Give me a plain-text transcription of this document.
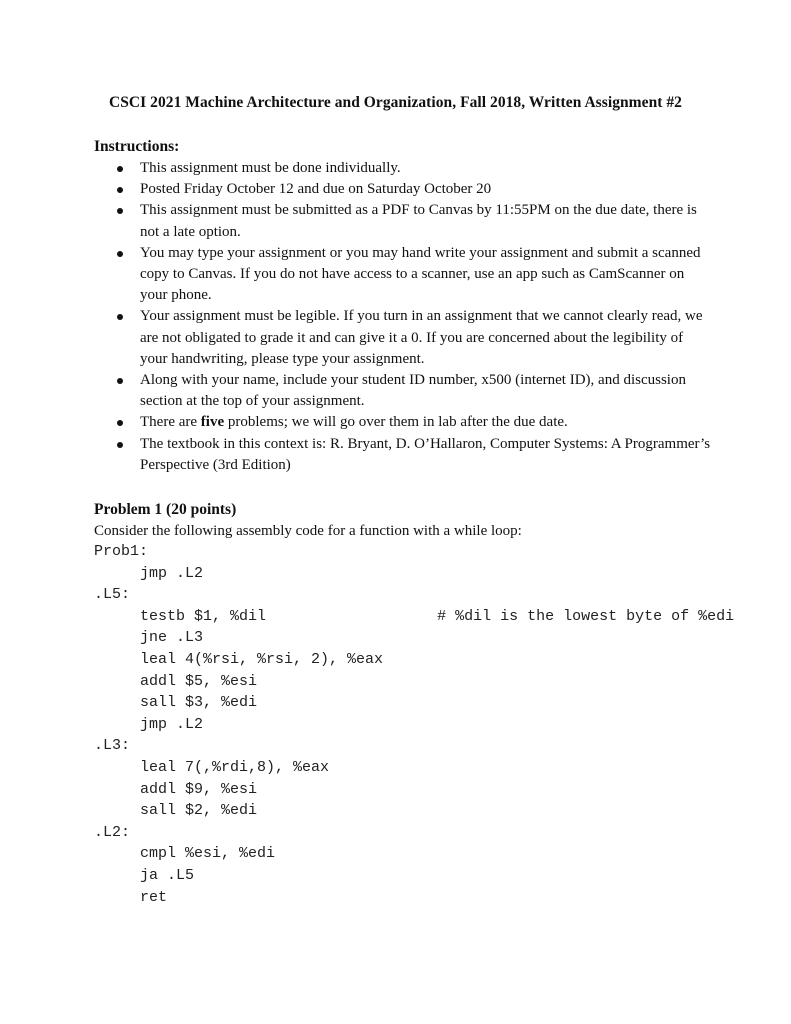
CSCI 2021 Machine Architecture and Organization, Fall 2018, Written Assignment #2
Instructions:
This assignment must be done individually.
Posted Friday October 12 and due on Saturday October 20
This assignment must be submitted as a PDF to Canvas by 11:55PM on the due date, there is not a late option.
You may type your assignment or you may hand write your assignment and submit a scanned copy to Canvas. If you do not have access to a scanner, use an app such as CamScanner on your phone.
Your assignment must be legible. If you turn in an assignment that we cannot clearly read, we are not obligated to grade it and can give it a 0. If you are concerned about the legibility of your handwriting, please type your assignment.
Along with your name, include your student ID number, x500 (internet ID), and discussion section at the top of your assignment.
There are five problems; we will go over them in lab after the due date.
The textbook in this context is: R. Bryant, D. O’Hallaron, Computer Systems: A Programmer’s Perspective (3rd Edition)
Problem 1 (20 points)
Consider the following assembly code for a function with a while loop:
Prob1:
jmp .L2
.L5:
testb $1, %dil	# %dil is the lowest byte of %edi
jne .L3
leal 4(%rsi, %rsi, 2), %eax
addl $5, %esi
sall $3, %edi
jmp .L2
.L3:
leal 7(,%rdi,8), %eax
addl $9, %esi
sall $2, %edi
.L2:
cmpl %esi, %edi
ja .L5
ret
